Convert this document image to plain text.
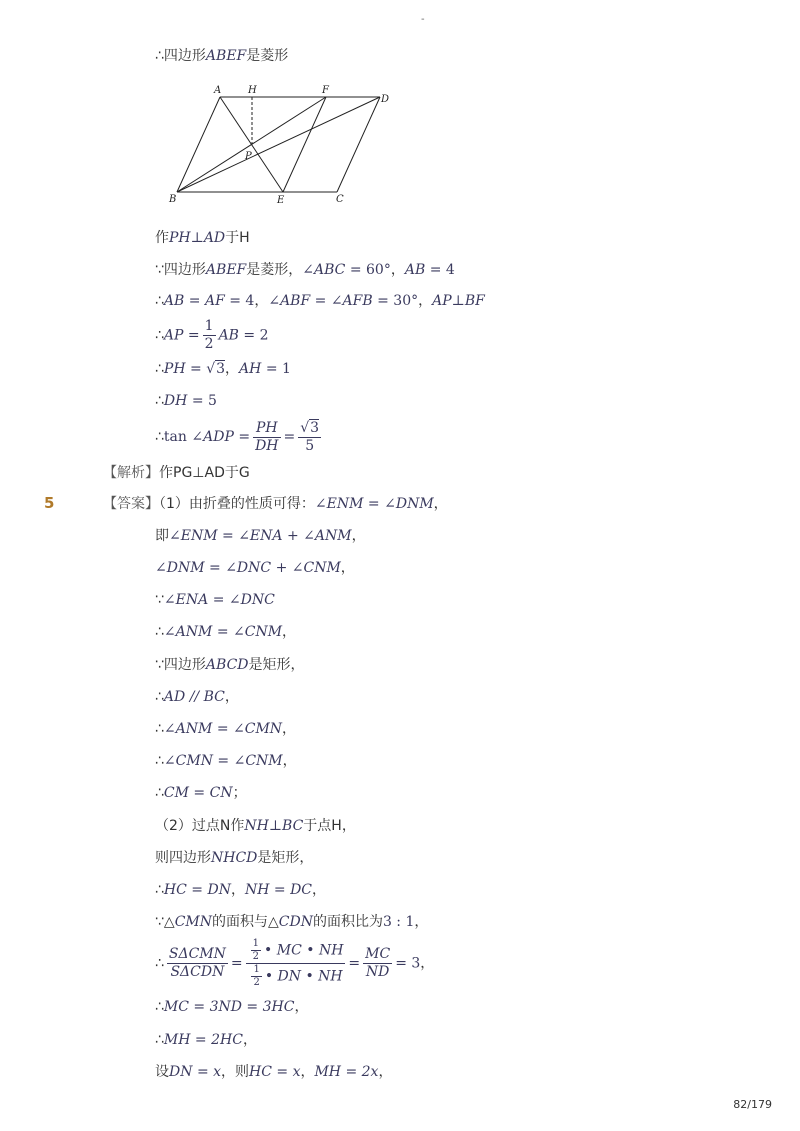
-
∴四边形ABEF是菱形
A	H	F
D
P
B	E	C
作PH⊥AD于H
∵四边形ABEF是菱形，∠ABC = 60°，AB = 4
∴AB = AF = 4，∠ABF = ∠AFB = 30°，AP⊥BF
∴AP = $\frac{1}{2}$ AB = 2
∴PH = √3，AH = 1
∴DH = 5
∴tan ∠ADP = $\frac{PH}{DH} = \frac{√3}{5}$
【解析】作PG⊥AD于G
5	【答案】（1）由折叠的性质可得：∠ENM = ∠DNM，
即∠ENM = ∠ENA + ∠ANM，
∠DNM = ∠DNC + ∠CNM，
∵∠ENA = ∠DNC
∴∠ANM = ∠CNM，
∵四边形ABCD是矩形，
∴AD // BC，
∴∠ANM = ∠CMN，
∴∠CMN = ∠CNM，
∴CM = CN；
（2）过点N作NH⊥BC于点H，
则四边形NHCD是矩形，
∴HC = DN，NH = DC，
∵△CMN的面积与△CDN的面积比为3 : 1，
∴ $\frac{\text{SΔCMN}}{\text{SΔCDN}} = \frac{\frac{1}{2} • MC • NH}{\frac{1}{2} • DN • NH} = \frac{MC}{ND} = 3$，
∴MC = 3ND = 3HC，
∴MH = 2HC，
设DN = x，则HC = x，MH = 2x，
82/179
